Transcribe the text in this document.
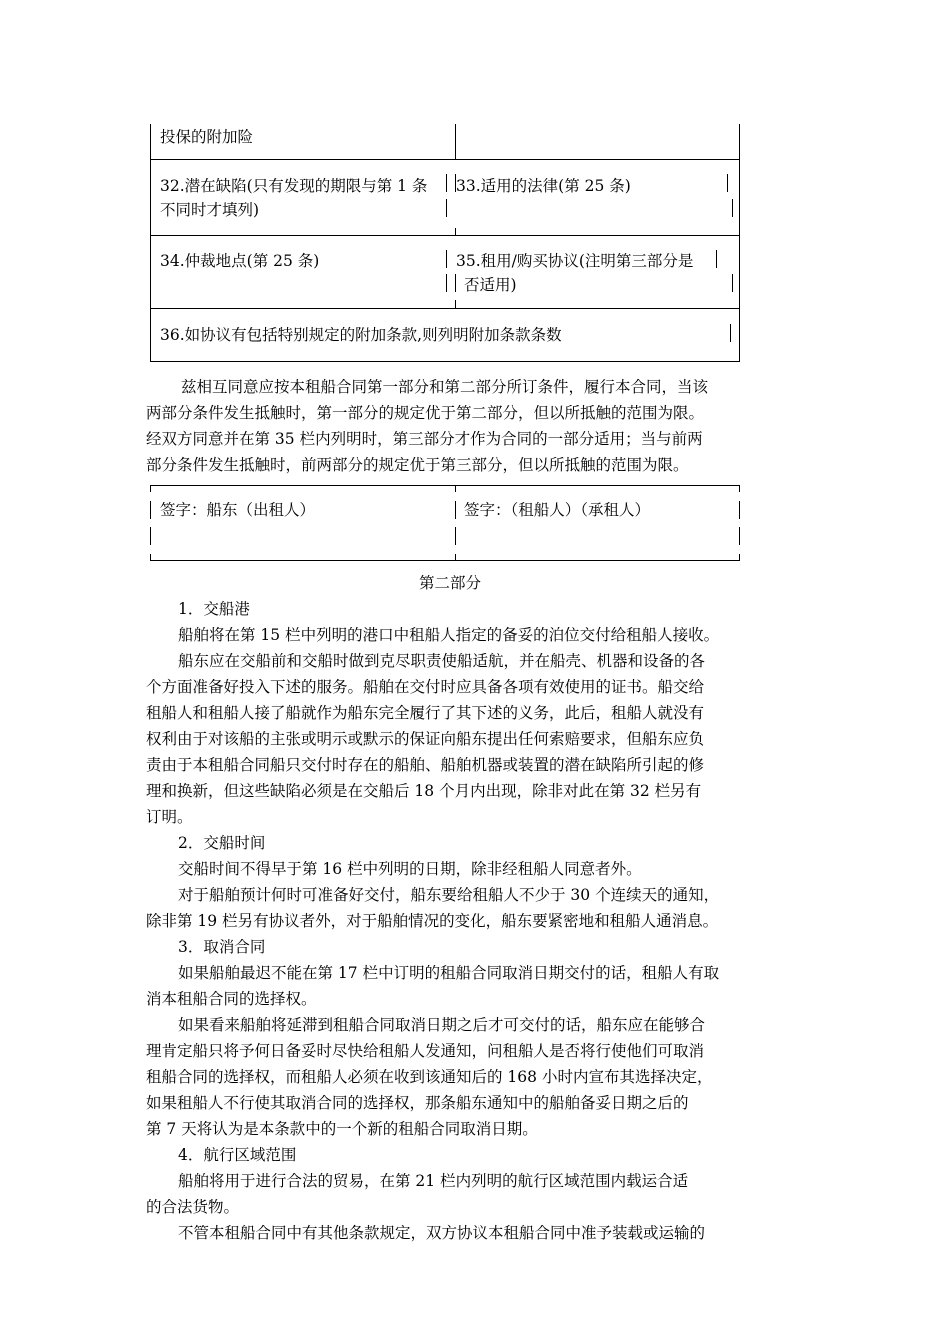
投保的附加险
32.潜在缺陷(只有发现的期限与第 1 条
不同时才填列)
33.适用的法律(第 25 条)
34.仲裁地点(第 25 条)	35.租用/购买协议(注明第三部分是
否适用)
36.如协议有包括特别规定的附加条款,则列明附加条款条数
兹相互同意应按本租船合同第一部分和第二部分所订条件，履行本合同，当该
两部分条件发生抵触时，第一部分的规定优于第二部分，但以所抵触的范围为限。
经双方同意并在第 35 栏内列明时，第三部分才作为合同的一部分适用；当与前两
部分条件发生抵触时，前两部分的规定优于第三部分，但以所抵触的范围为限。
签字：船东（出租人）	签字：（租船人）（承租人）
第二部分
1．交船港
船舶将在第 15 栏中列明的港口中租船人指定的备妥的泊位交付给租船人接收。
船东应在交船前和交船时做到克尽职责使船适航，并在船壳、机器和设备的各
个方面准备好投入下述的服务。船舶在交付时应具备各项有效使用的证书。船交给
租船人和租船人接了船就作为船东完全履行了其下述的义务，此后，租船人就没有
权利由于对该船的主张或明示或默示的保证向船东提出任何索赔要求，但船东应负
责由于本租船合同船只交付时存在的船舶、船舶机器或装置的潜在缺陷所引起的修
理和换新，但这些缺陷必须是在交船后 18 个月内出现，除非对此在第 32 栏另有
订明。
2．交船时间
交船时间不得早于第 16 栏中列明的日期，除非经租船人同意者外。
对于船舶预计何时可准备好交付，船东要给租船人不少于 30 个连续天的通知，
除非第 19 栏另有协议者外，对于船舶情况的变化，船东要紧密地和租船人通消息。
3．取消合同
如果船舶最迟不能在第 17 栏中订明的租船合同取消日期交付的话，租船人有取
消本租船合同的选择权。
如果看来船舶将延滞到租船合同取消日期之后才可交付的话，船东应在能够合
理肯定船只将予何日备妥时尽快给租船人发通知，问租船人是否将行使他们可取消
租船合同的选择权，而租船人必须在收到该通知后的 168 小时内宣布其选择决定，
如果租船人不行使其取消合同的选择权，那条船东通知中的船舶备妥日期之后的
第 7 天将认为是本条款中的一个新的租船合同取消日期。
4．航行区域范围
船舶将用于进行合法的贸易，在第 21 栏内列明的航行区域范围内载运合适
的合法货物。
不管本租船合同中有其他条款规定，双方协议本租船合同中准予装载或运输的
